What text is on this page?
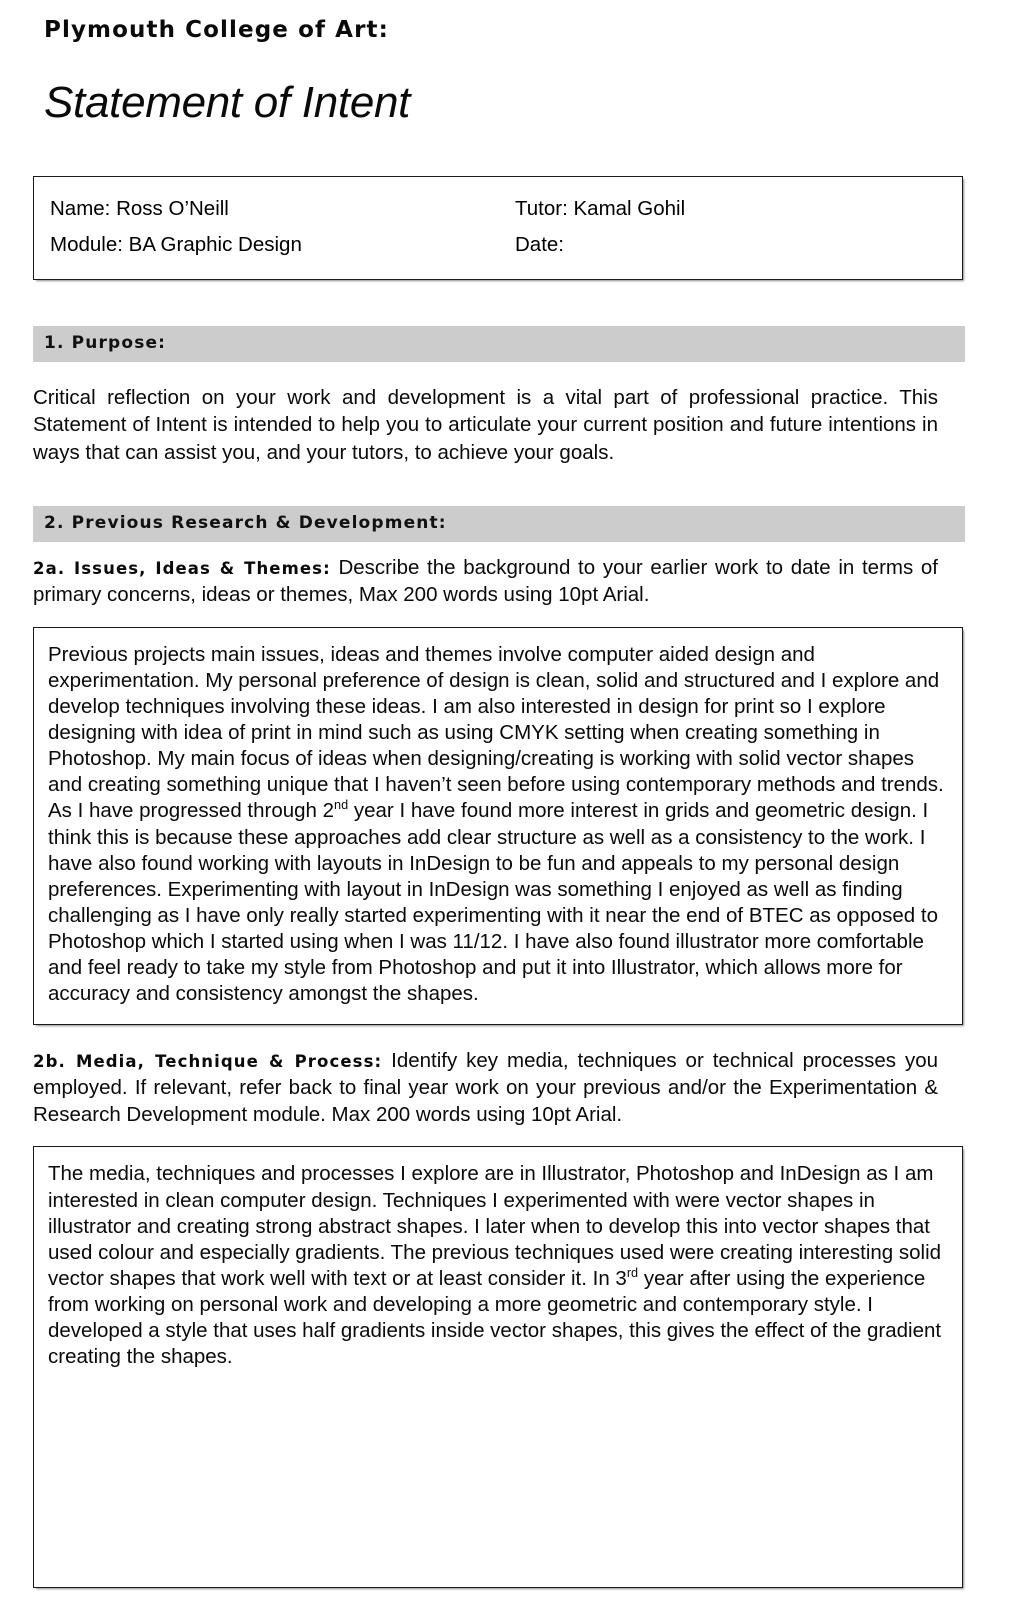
Plymouth College of Art:
Statement of Intent
Name: Ross O’Neill	Tutor: Kamal Gohil
Module: BA Graphic Design	Date:
1. Purpose:
Critical reflection on your work and development is a vital part of professional practice. This Statement of Intent is intended to help you to articulate your current position and future intentions in ways that can assist you, and your tutors, to achieve your goals.
2. Previous Research & Development:
2a. Issues, Ideas & Themes: Describe the background to your earlier work to date in terms of primary concerns, ideas or themes, Max 200 words using 10pt Arial.
Previous projects main issues, ideas and themes involve computer aided design and experimentation. My personal preference of design is clean, solid and structured and I explore and develop techniques involving these ideas. I am also interested in design for print so I explore designing with idea of print in mind such as using CMYK setting when creating something in Photoshop. My main focus of ideas when designing/creating is working with solid vector shapes and creating something unique that I haven’t seen before using contemporary methods and trends. As I have progressed through 2nd year I have found more interest in grids and geometric design. I think this is because these approaches add clear structure as well as a consistency to the work. I have also found working with layouts in InDesign to be fun and appeals to my personal design preferences. Experimenting with layout in InDesign was something I enjoyed as well as finding challenging as I have only really started experimenting with it near the end of BTEC as opposed to Photoshop which I started using when I was 11/12. I have also found illustrator more comfortable and feel ready to take my style from Photoshop and put it into Illustrator, which allows more for accuracy and consistency amongst the shapes.
2b. Media, Technique & Process: Identify key media, techniques or technical processes you employed. If relevant, refer back to final year work on your previous and/or the Experimentation & Research Development module. Max 200 words using 10pt Arial.
The media, techniques and processes I explore are in Illustrator, Photoshop and InDesign as I am interested in clean computer design. Techniques I experimented with were vector shapes in illustrator and creating strong abstract shapes. I later when to develop this into vector shapes that used colour and especially gradients. The previous techniques used were creating interesting solid vector shapes that work well with text or at least consider it. In 3rd year after using the experience from working on personal work and developing a more geometric and contemporary style. I developed a style that uses half gradients inside vector shapes, this gives the effect of the gradient creating the shapes.
